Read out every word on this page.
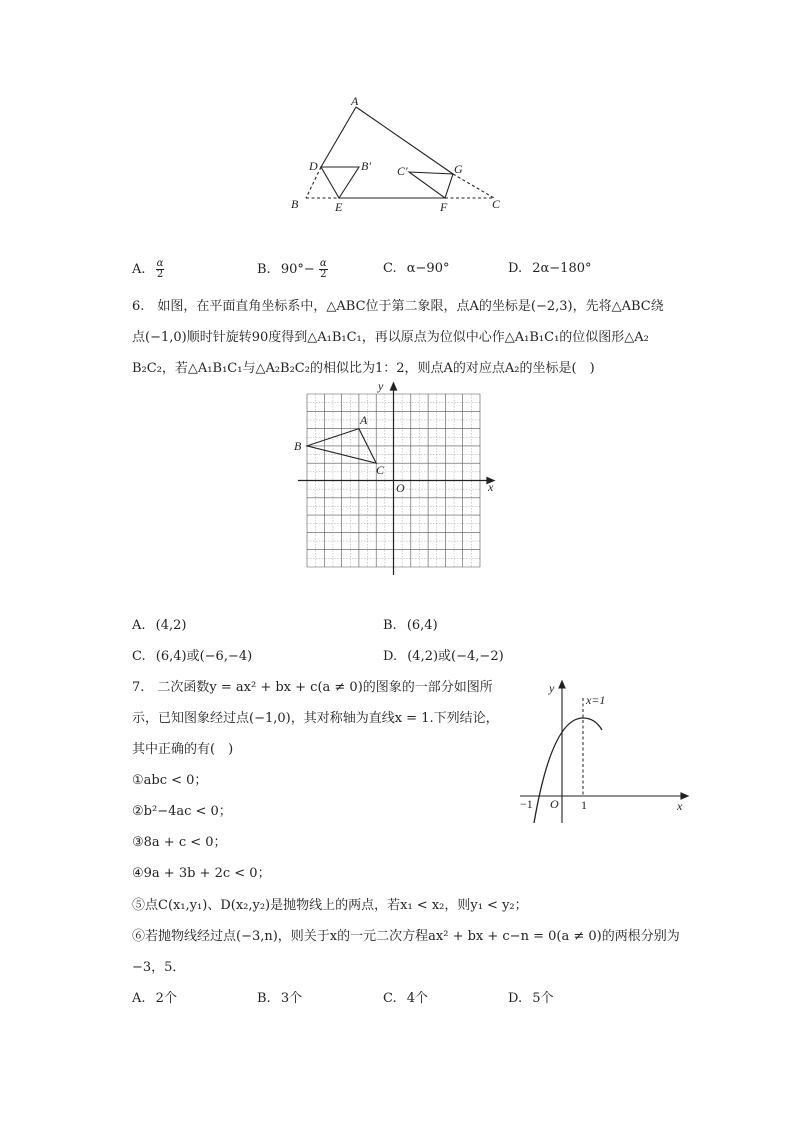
A
D	B′ C′	G
B	E	F	C
A. $\frac{\alpha}{2}$	B. $90^\circ- \frac{\alpha}{2}$	C. α−90°	D. 2α−180°
6.　如图，在平面直角坐标系中，△ABC位于第二象限，点A的坐标是(−2,3)，先将△ABC绕
点(−1,0)顺时针旋转90度得到△A₁B₁C₁，再以原点为位似中心作△A₁B₁C₁的位似图形△A₂
B₂C₂，若△A₁B₁C₁与△A₂B₂C₂的相似比为1：2，则点A的对应点A₂的坐标是(　)
x
y
O
A
B
C
A. (4,2)	B. (6,4)
C. (6,4)或(−6,−4)	D. (4,2)或(−4,−2)
7.　二次函数y = ax² + bx + c(a ≠ 0)的图象的一部分如图所
示，已知图象经过点(−1,0)，其对称轴为直线x = 1.下列结论，
其中正确的有(　)
①abc < 0；
②b²−4ac < 0；
③8a + c < 0；
④9a + 3b + 2c < 0；
⑤点C(x₁,y₁)、D(x₂,y₂)是抛物线上的两点，若x₁ < x₂，则y₁ < y₂；
⑥若抛物线经过点(−3,n)，则关于x的一元二次方程ax² + bx + c−n = 0(a ≠ 0)的两根分别为
−3，5．
y
x=1
x
−1 O 1
A. 2个	B. 3个	C. 4个	D. 5个
